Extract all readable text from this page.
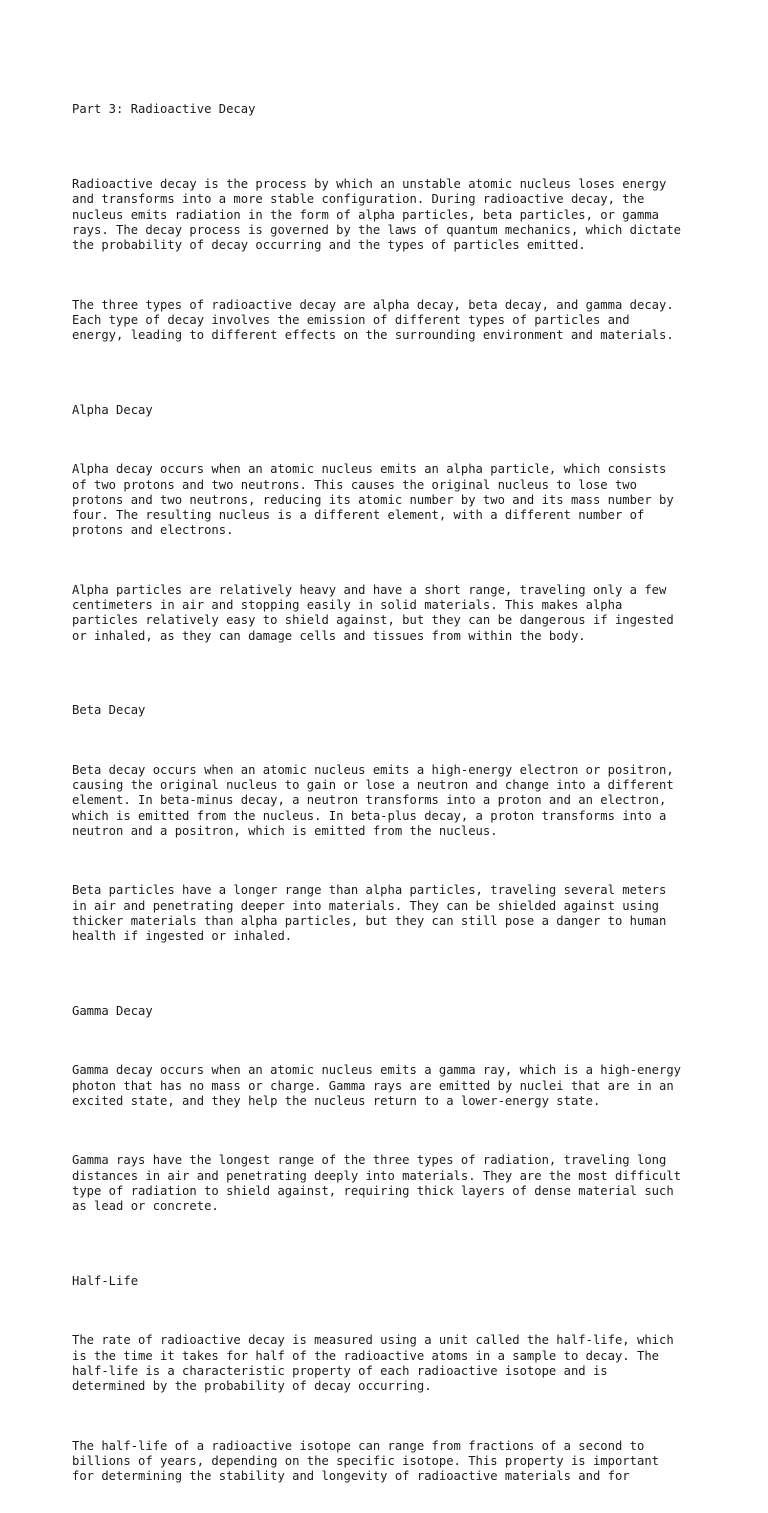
Part 3: Radioactive Decay

Radioactive decay is the process by which an unstable atomic nucleus loses energy
and transforms into a more stable configuration. During radioactive decay, the
nucleus emits radiation in the form of alpha particles, beta particles, or gamma
rays. The decay process is governed by the laws of quantum mechanics, which dictate
the probability of decay occurring and the types of particles emitted.

The three types of radioactive decay are alpha decay, beta decay, and gamma decay.
Each type of decay involves the emission of different types of particles and
energy, leading to different effects on the surrounding environment and materials.

Alpha Decay

Alpha decay occurs when an atomic nucleus emits an alpha particle, which consists
of two protons and two neutrons. This causes the original nucleus to lose two
protons and two neutrons, reducing its atomic number by two and its mass number by
four. The resulting nucleus is a different element, with a different number of
protons and electrons.

Alpha particles are relatively heavy and have a short range, traveling only a few
centimeters in air and stopping easily in solid materials. This makes alpha
particles relatively easy to shield against, but they can be dangerous if ingested
or inhaled, as they can damage cells and tissues from within the body.

Beta Decay

Beta decay occurs when an atomic nucleus emits a high-energy electron or positron,
causing the original nucleus to gain or lose a neutron and change into a different
element. In beta-minus decay, a neutron transforms into a proton and an electron,
which is emitted from the nucleus. In beta-plus decay, a proton transforms into a
neutron and a positron, which is emitted from the nucleus.

Beta particles have a longer range than alpha particles, traveling several meters
in air and penetrating deeper into materials. They can be shielded against using
thicker materials than alpha particles, but they can still pose a danger to human
health if ingested or inhaled.

Gamma Decay

Gamma decay occurs when an atomic nucleus emits a gamma ray, which is a high-energy
photon that has no mass or charge. Gamma rays are emitted by nuclei that are in an
excited state, and they help the nucleus return to a lower-energy state.

Gamma rays have the longest range of the three types of radiation, traveling long
distances in air and penetrating deeply into materials. They are the most difficult
type of radiation to shield against, requiring thick layers of dense material such
as lead or concrete.

Half-Life

The rate of radioactive decay is measured using a unit called the half-life, which
is the time it takes for half of the radioactive atoms in a sample to decay. The
half-life is a characteristic property of each radioactive isotope and is
determined by the probability of decay occurring.

The half-life of a radioactive isotope can range from fractions of a second to
billions of years, depending on the specific isotope. This property is important
for determining the stability and longevity of radioactive materials and for
